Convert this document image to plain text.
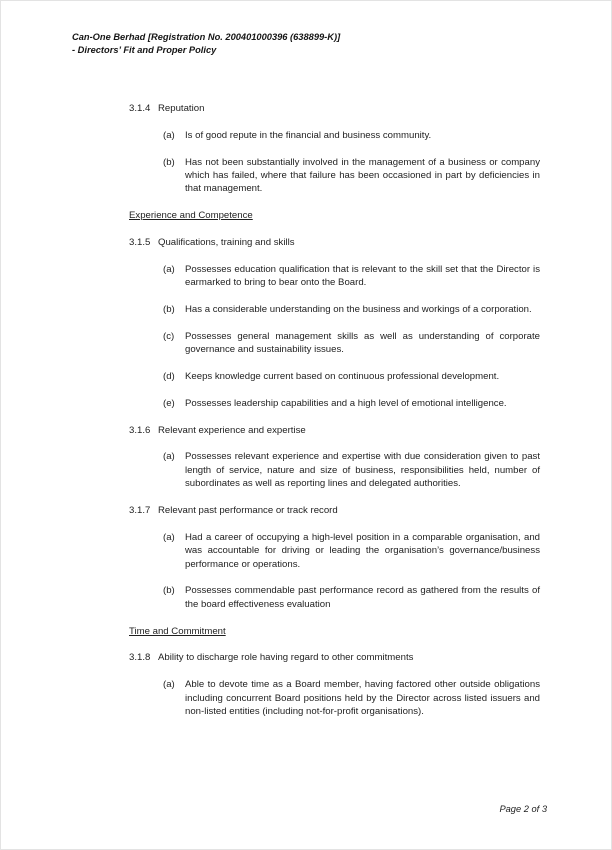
Can-One Berhad [Registration No. 200401000396 (638899-K)]
- Directors’ Fit and Proper Policy
3.1.4 Reputation
(a)	Is of good repute in the financial and business community.
(b)	Has not been substantially involved in the management of a business or company which has failed, where that failure has been occasioned in part by deficiencies in that management.
Experience and Competence
3.1.5 Qualifications, training and skills
(a)	Possesses education qualification that is relevant to the skill set that the Director is earmarked to bring to bear onto the Board.
(b)	Has a considerable understanding on the business and workings of a corporation.
(c)	Possesses general management skills as well as understanding of corporate governance and sustainability issues.
(d)	Keeps knowledge current based on continuous professional development.
(e)	Possesses leadership capabilities and a high level of emotional intelligence.
3.1.6 Relevant experience and expertise
(a)	Possesses relevant experience and expertise with due consideration given to past length of service, nature and size of business, responsibilities held, number of subordinates as well as reporting lines and delegated authorities.
3.1.7 Relevant past performance or track record
(a)	Had a career of occupying a high-level position in a comparable organisation, and was accountable for driving or leading the organisation’s governance/business performance or operations.
(b)	Possesses commendable past performance record as gathered from the results of the board effectiveness evaluation
Time and Commitment
3.1.8 Ability to discharge role having regard to other commitments
(a)	Able to devote time as a Board member, having factored other outside obligations including concurrent Board positions held by the Director across listed issuers and non-listed entities (including not-for-profit organisations).
Page 2 of 3
